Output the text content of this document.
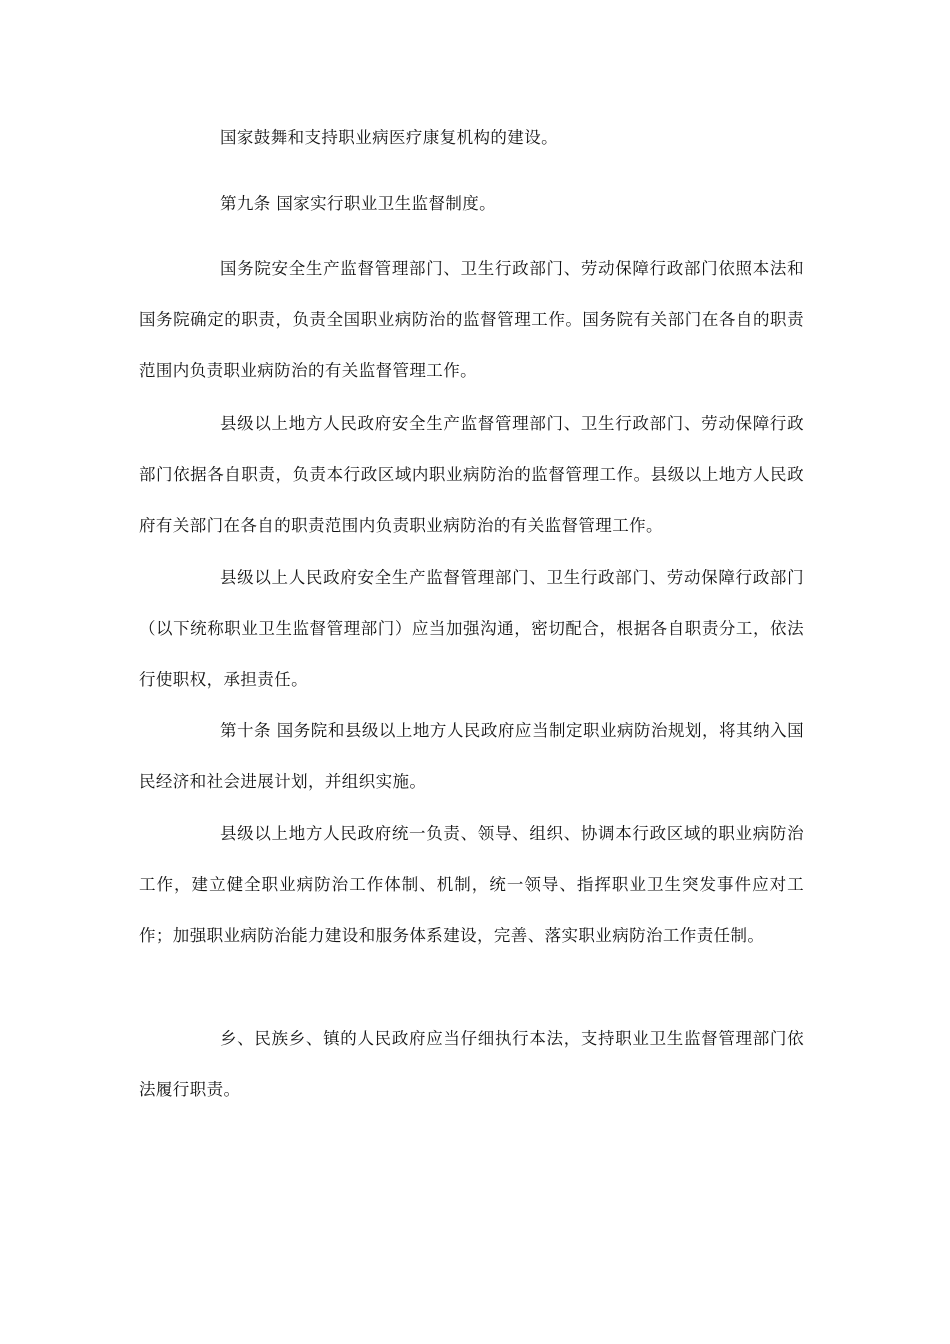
国家鼓舞和支持职业病医疗康复机构的建设。

第九条 国家实行职业卫生监督制度。

国务院安全生产监督管理部门、卫生行政部门、劳动保障行政部门依照本法和国务院确定的职责，负责全国职业病防治的监督管理工作。国务院有关部门在各自的职责范围内负责职业病防治的有关监督管理工作。

县级以上地方人民政府安全生产监督管理部门、卫生行政部门、劳动保障行政部门依据各自职责，负责本行政区域内职业病防治的监督管理工作。县级以上地方人民政府有关部门在各自的职责范围内负责职业病防治的有关监督管理工作。

县级以上人民政府安全生产监督管理部门、卫生行政部门、劳动保障行政部门（以下统称职业卫生监督管理部门）应当加强沟通，密切配合，根据各自职责分工，依法行使职权，承担责任。

第十条 国务院和县级以上地方人民政府应当制定职业病防治规划，将其纳入国民经济和社会进展计划，并组织实施。

县级以上地方人民政府统一负责、领导、组织、协调本行政区域的职业病防治工作，建立健全职业病防治工作体制、机制，统一领导、指挥职业卫生突发事件应对工作；加强职业病防治能力建设和服务体系建设，完善、落实职业病防治工作责任制。

乡、民族乡、镇的人民政府应当仔细执行本法，支持职业卫生监督管理部门依法履行职责。
